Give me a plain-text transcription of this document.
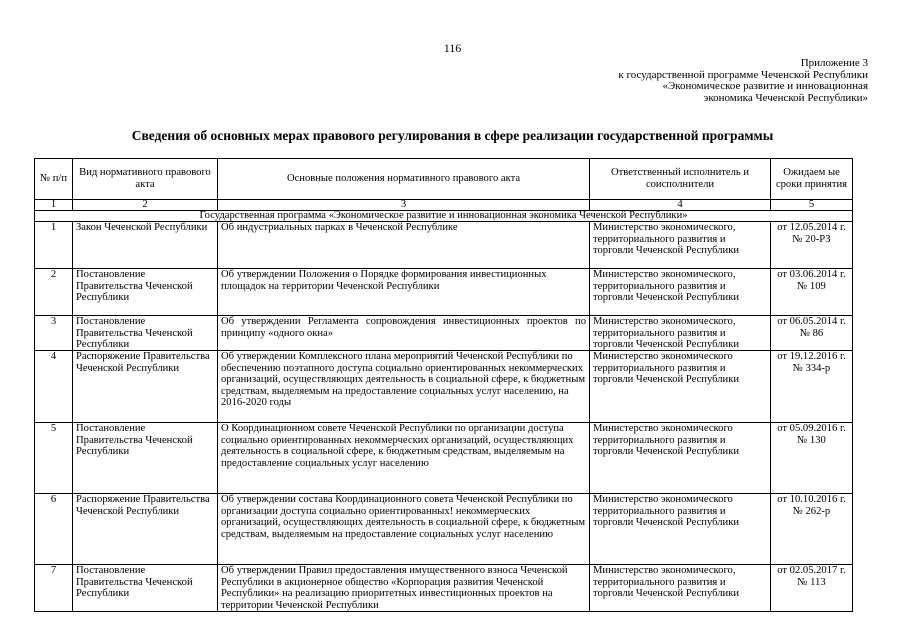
116
Приложение 3
к государственной программе Чеченской Республики
«Экономическое развитие и инновационная
экономика Чеченской Республики»
Сведения об основных мерах правового регулирования в сфере реализации государственной программы
№ п/п	Вид нормативного правового акта	Основные положения нормативного правового акта	Ответственный исполнитель и соисполнители	Ожидаем ые сроки принятия
1	2	3	4	5
Государственная программа «Экономическое развитие и инновационная экономика Чеченской Республики»				
1	Закон Чеченской Республики	Об индустриальных парках в Чеченской Республике	Министерство экономического, территориального развития и торговли Чеченской Республики	от 12.05.2014 г. № 20-РЗ
2	Постановление Правительства Чеченской Республики	Об утверждении Положения о Порядке формирования инвестиционных площадок на территории Чеченской Республики	Министерство экономического, территориального развития и торговли Чеченской Республики	от 03.06.2014 г. № 109
3	Постановление Правительства Чеченской Республики	Об утверждении Регламента сопровождения инвестиционных проектов по принципу «одного окна»	Министерство экономического, территориального развития и торговли Чеченской Республики	от 06.05.2014 г. № 86
4	Распоряжение Правительства Чеченской Республики	Об утверждении Комплексного плана мероприятий Чеченской Республики по обеспечению поэтапного доступа социально ориентированных некоммерческих организаций, осуществляющих деятельность в социальной сфере, к бюджетным средствам, выделяемым на предоставление социальных услуг населению, на 2016-2020 годы	Министерство экономического территориального развития и торговли Чеченской Республики	от 19.12.2016 г. № 334-р
5	Постановление Правительства Чеченской Республики	О Координационном совете Чеченской Республики по организации доступа социально ориентированных некоммерческих организаций, осуществляющих деятельность в социальной сфере, к бюджетным средствам, выделяемым на предоставление социальных услуг населению	Министерство экономического территориального развития и торговли Чеченской Республики	от 05.09.2016 г. № 130
6	Распоряжение Правительства Чеченской Республики	Об утверждении состава Координационного совета Чеченской Республики по организации доступа социально ориентированных! некоммерческих организаций, осуществляющих деятельность в социальной сфере, к бюджетным средствам, выделяемым на предоставление социальных услуг населению	Министерство экономического территориального развития и торговли Чеченской Республики	от 10.10.2016 г. № 262-р
7	Постановление Правительства Чеченской Республики	Об утверждении Правил предоставления имущественного взноса Чеченской Республики в акционерное общество «Корпорация развития Чеченской Республики» на реализацию приоритетных инвестиционных проектов на территории Чеченской Республики	Министерство экономического, территориального развития и торговли Чеченской Республики	от 02.05.2017 г. № 113
